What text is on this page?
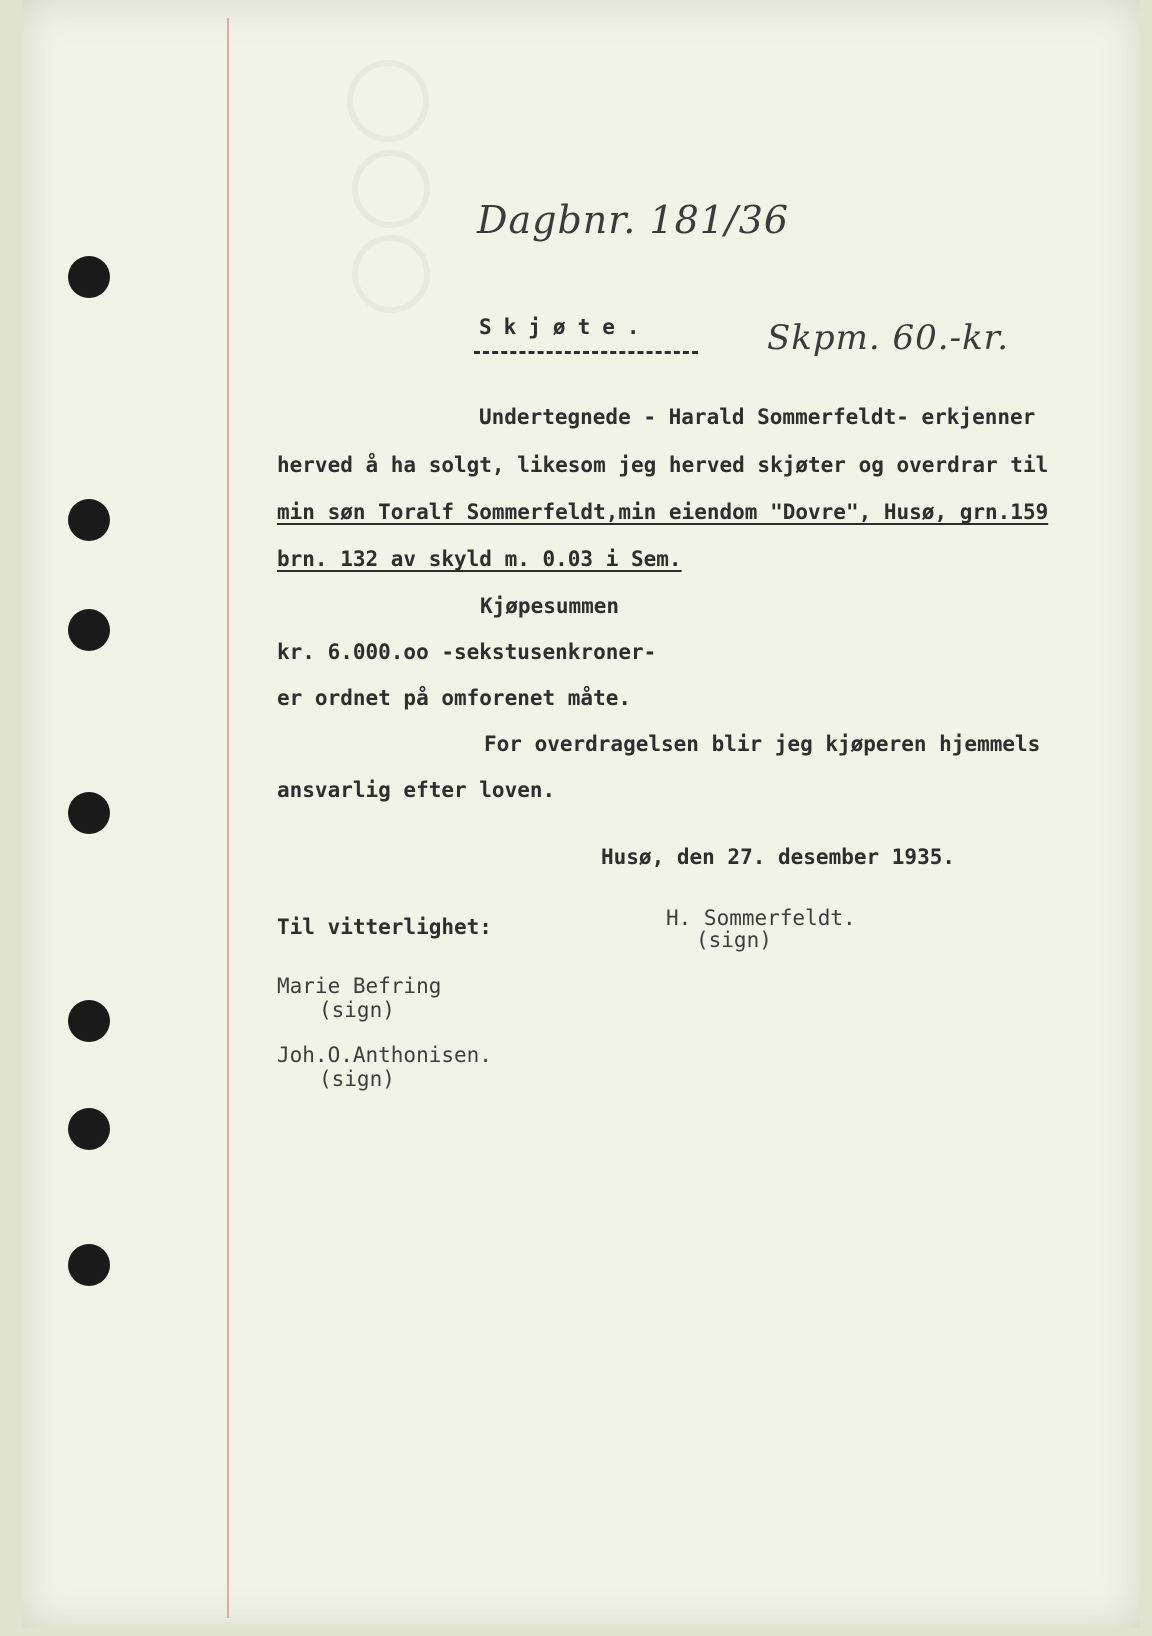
Dagbnr. 181/36
Skpm. 60.-kr.
Skjøte.
Undertegnede - Harald Sommerfeldt- erkjenner
herved å ha solgt, likesom jeg herved skjøter og overdrar til
min søn Toralf Sommerfeldt,min eiendom "Dovre", Husø, grn.159
brn. 132 av skyld m. 0.03 i Sem.
Kjøpesummen
kr. 6.000.oo -sekstusenkroner-
er ordnet på omforenet måte.
For overdragelsen blir jeg kjøperen hjemmels
ansvarlig efter loven.
Husø, den 27. desember 1935.
Til vitterlighet:	H. Sommerfeldt.
(sign)
Marie Befring
(sign)
Joh.O.Anthonisen.
(sign)
